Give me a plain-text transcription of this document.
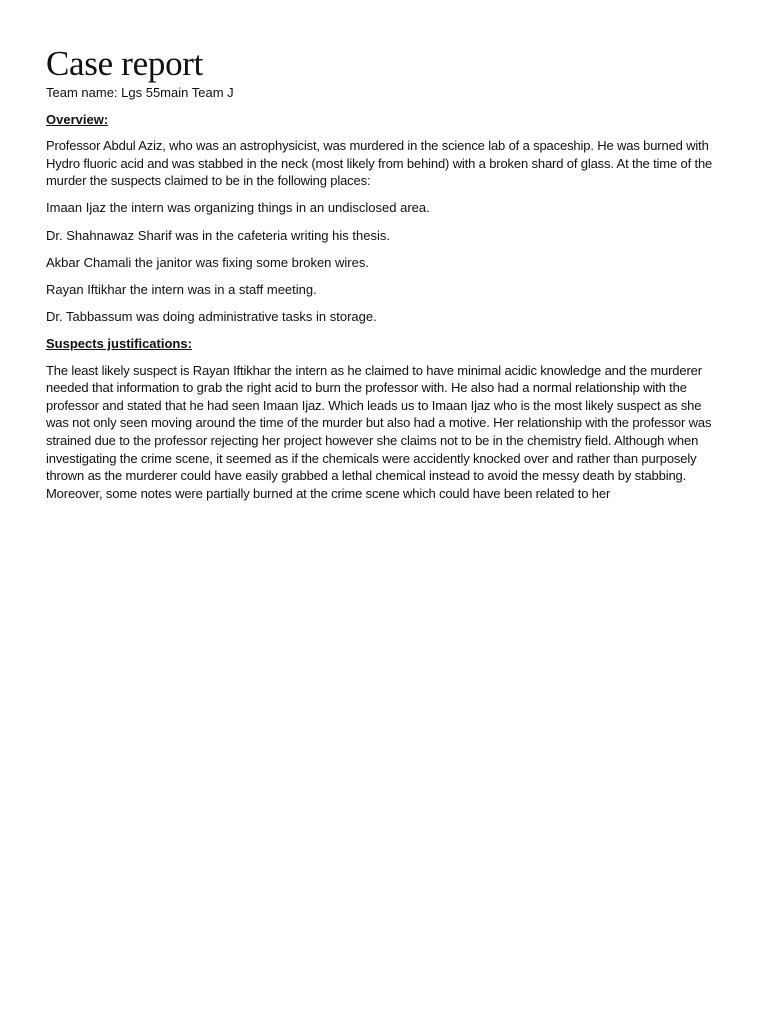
Case report

Team name: Lgs 55main Team J

Overview:

Professor Abdul Aziz, who was an astrophysicist, was murdered in the science lab of a spaceship. He was burned with Hydro fluoric acid and was stabbed in the neck (most likely from behind) with a broken shard of glass. At the time of the murder the suspects claimed to be in the following places:

Imaan Ijaz the intern was organizing things in an undisclosed area.

Dr. Shahnawaz Sharif was in the cafeteria writing his thesis.

Akbar Chamali the janitor was fixing some broken wires.

Rayan Iftikhar the intern was in a staff meeting.

Dr. Tabbassum was doing administrative tasks in storage.

Suspects justifications:

The least likely suspect is Rayan Iftikhar the intern as he claimed to have minimal acidic knowledge and the murderer needed that information to grab the right acid to burn the professor with. He also had a normal relationship with the professor and stated that he had seen Imaan Ijaz. Which leads us to Imaan Ijaz who is the most likely suspect as she was not only seen moving around the time of the murder but also had a motive. Her relationship with the professor was strained due to the professor rejecting her project however she claims not to be in the chemistry field. Although when investigating the crime scene, it seemed as if the chemicals were accidently knocked over and rather than purposely thrown as the murderer could have easily grabbed a lethal chemical instead to avoid the messy death by stabbing. Moreover, some notes were partially burned at the crime scene which could have been related to her
